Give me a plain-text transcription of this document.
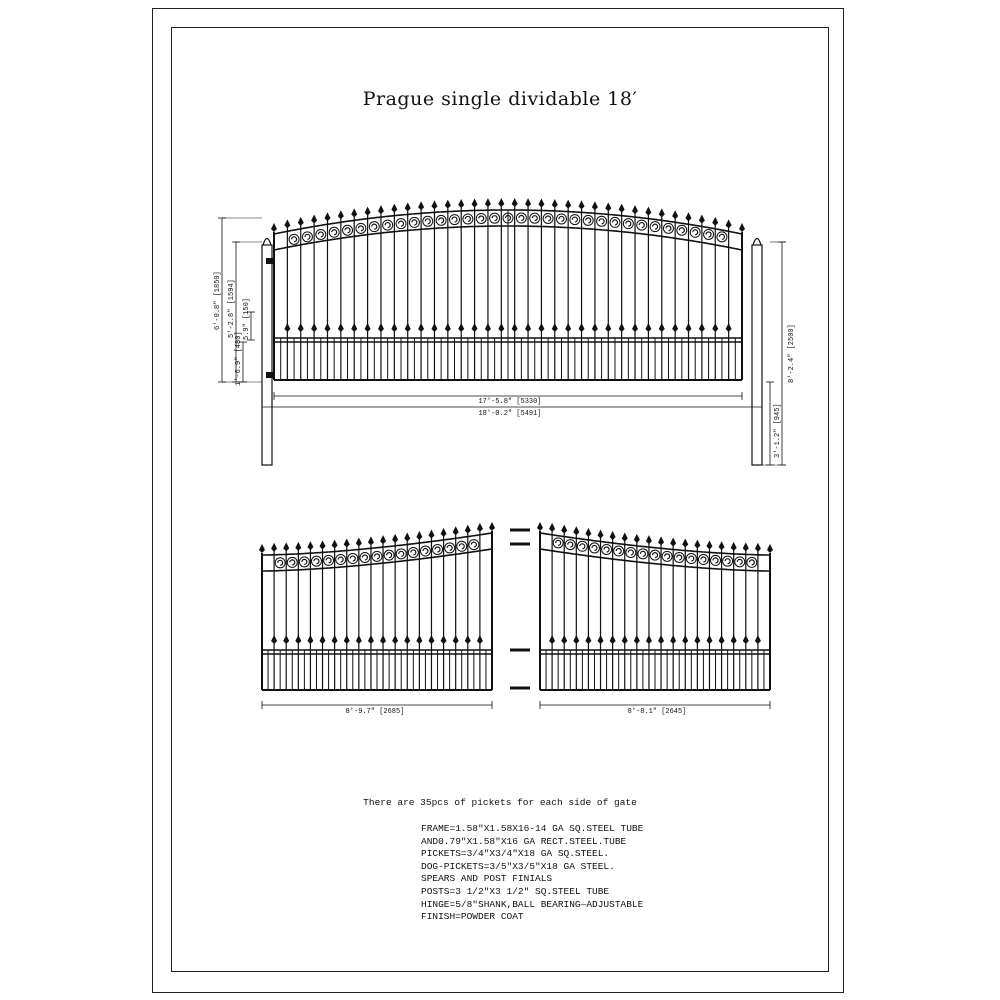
Prague single dividable 18′
6'-0.8" [1850] 5'-2.8" [1594] 5.9" [150]
1'-6.9" [480]	8'-2.4" [2500]
3'-1.2" [945]
17'-5.8" [5330]
18'-0.2" [5491]
8'-9.7" [2685]	8'-8.1" [2645]
There are 35pcs of pickets for each side of gate
FRAME=1.58"X1.58X16-14 GA SQ.STEEL TUBE
AND0.79"X1.58"X16 GA RECT.STEEL.TUBE
PICKETS=3/4"X3/4"X18 GA SQ.STEEL.
DOG-PICKETS=3/5"X3/5"X18 GA STEEL.
SPEARS AND POST FINIALS
POSTS=3 1/2"X3 1/2" SQ.STEEL TUBE
HINGE=5/8"SHANK,BALL BEARING—ADJUSTABLE
FINISH=POWDER COAT
